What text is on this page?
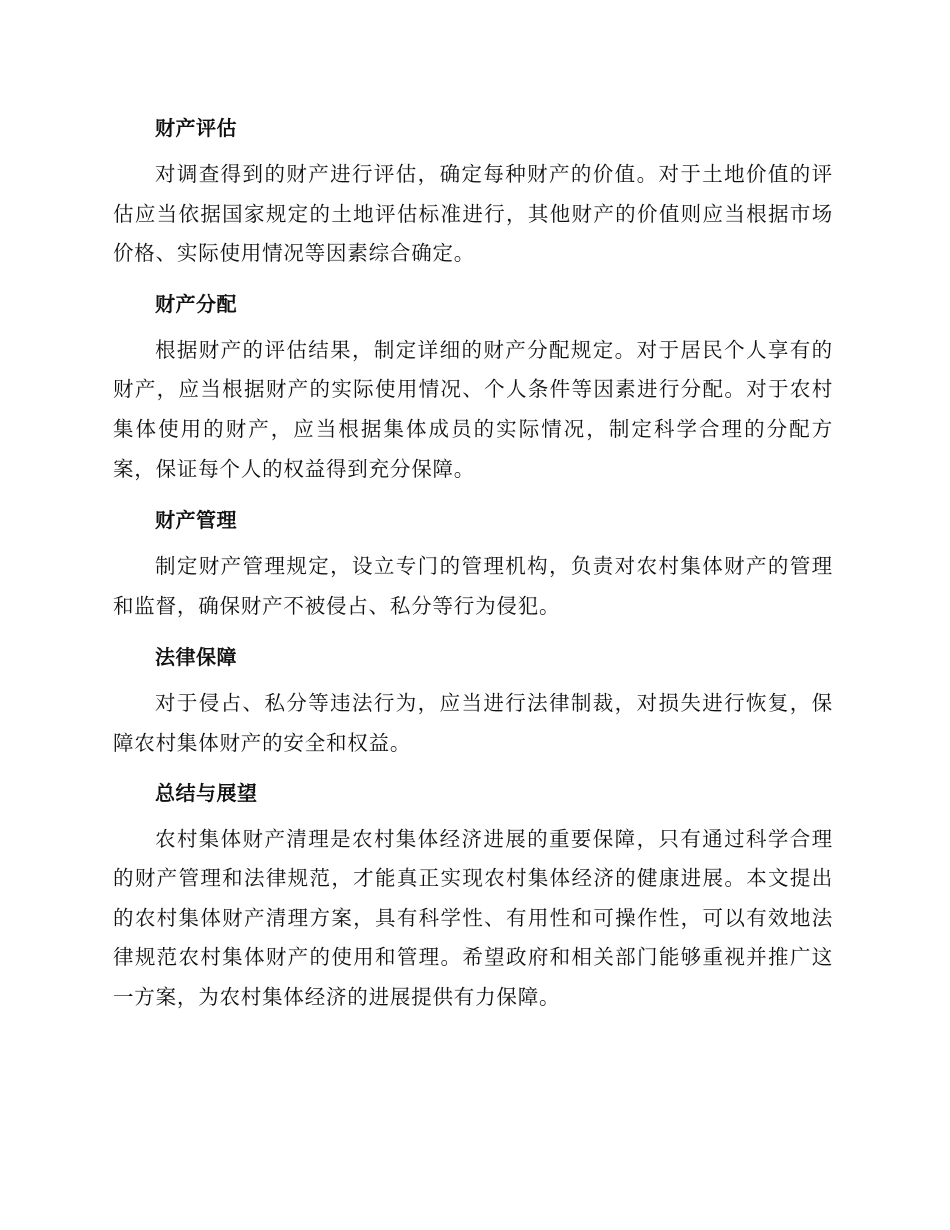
财产评估

对调查得到的财产进行评估，确定每种财产的价值。对于土地价值的评估应当依据国家规定的土地评估标准进行，其他财产的价值则应当根据市场价格、实际使用情况等因素综合确定。

财产分配

根据财产的评估结果，制定详细的财产分配规定。对于居民个人享有的财产，应当根据财产的实际使用情况、个人条件等因素进行分配。对于农村集体使用的财产，应当根据集体成员的实际情况，制定科学合理的分配方案，保证每个人的权益得到充分保障。

财产管理

制定财产管理规定，设立专门的管理机构，负责对农村集体财产的管理和监督，确保财产不被侵占、私分等行为侵犯。

法律保障

对于侵占、私分等违法行为，应当进行法律制裁，对损失进行恢复，保障农村集体财产的安全和权益。

总结与展望

农村集体财产清理是农村集体经济进展的重要保障，只有通过科学合理的财产管理和法律规范，才能真正实现农村集体经济的健康进展。本文提出的农村集体财产清理方案，具有科学性、有用性和可操作性，可以有效地法律规范农村集体财产的使用和管理。希望政府和相关部门能够重视并推广这一方案，为农村集体经济的进展提供有力保障。
